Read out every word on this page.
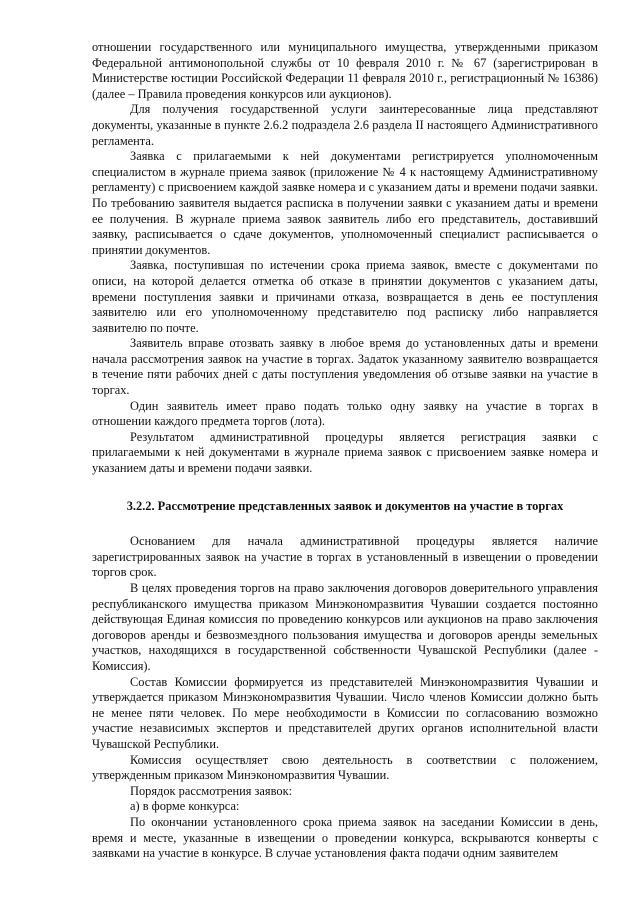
отношении государственного или муниципального имущества, утвержденными приказом Федеральной антимонопольной службы от 10 февраля 2010 г. № 67 (зарегистрирован в Министерстве юстиции Российской Федерации 11 февраля 2010 г., регистрационный № 16386) (далее – Правила проведения конкурсов или аукционов).

Для получения государственной услуги заинтересованные лица представляют документы, указанные в пункте 2.6.2 подраздела 2.6 раздела II настоящего Административного регламента.

Заявка с прилагаемыми к ней документами регистрируется уполномоченным специалистом в журнале приема заявок (приложение № 4 к настоящему Административному регламенту) с присвоением каждой заявке номера и с указанием даты и времени подачи заявки. По требованию заявителя выдается расписка в получении заявки с указанием даты и времени ее получения. В журнале приема заявок заявитель либо его представитель, доставивший заявку, расписывается о сдаче документов, уполномоченный специалист расписывается о принятии документов.

Заявка, поступившая по истечении срока приема заявок, вместе с документами по описи, на которой делается отметка об отказе в принятии документов с указанием даты, времени поступления заявки и причинами отказа, возвращается в день ее поступления заявителю или его уполномоченному представителю под расписку либо направляется заявителю по почте.

Заявитель вправе отозвать заявку в любое время до установленных даты и времени начала рассмотрения заявок на участие в торгах. Задаток указанному заявителю возвращается в течение пяти рабочих дней с даты поступления уведомления об отзыве заявки на участие в торгах.

Один заявитель имеет право подать только одну заявку на участие в торгах в отношении каждого предмета торгов (лота).

Результатом административной процедуры является регистрация заявки с прилагаемыми к ней документами в журнале приема заявок с присвоением заявке номера и указанием даты и времени подачи заявки.

3.2.2. Рассмотрение представленных заявок и документов на участие в торгах

Основанием для начала административной процедуры является наличие зарегистрированных заявок на участие в торгах в установленный в извещении о проведении торгов срок.

В целях проведения торгов на право заключения договоров доверительного управления республиканского имущества приказом Минэкономразвития Чувашии создается постоянно действующая Единая комиссия по проведению конкурсов или аукционов на право заключения договоров аренды и безвозмездного пользования имущества и договоров аренды земельных участков, находящихся в государственной собственности Чувашской Республики (далее - Комиссия).

Состав Комиссии формируется из представителей Минэкономразвития Чувашии и утверждается приказом Минэкономразвития Чувашии. Число членов Комиссии должно быть не менее пяти человек. По мере необходимости в Комиссии по согласованию возможно участие независимых экспертов и представителей других органов исполнительной власти Чувашской Республики.

Комиссия осуществляет свою деятельность в соответствии с положением, утвержденным приказом Минэкономразвития Чувашии.

Порядок рассмотрения заявок:

а) в форме конкурса:

По окончании установленного срока приема заявок на заседании Комиссии в день, время и месте, указанные в извещении о проведении конкурса, вскрываются конверты с заявками на участие в конкурсе. В случае установления факта подачи одним заявителем
